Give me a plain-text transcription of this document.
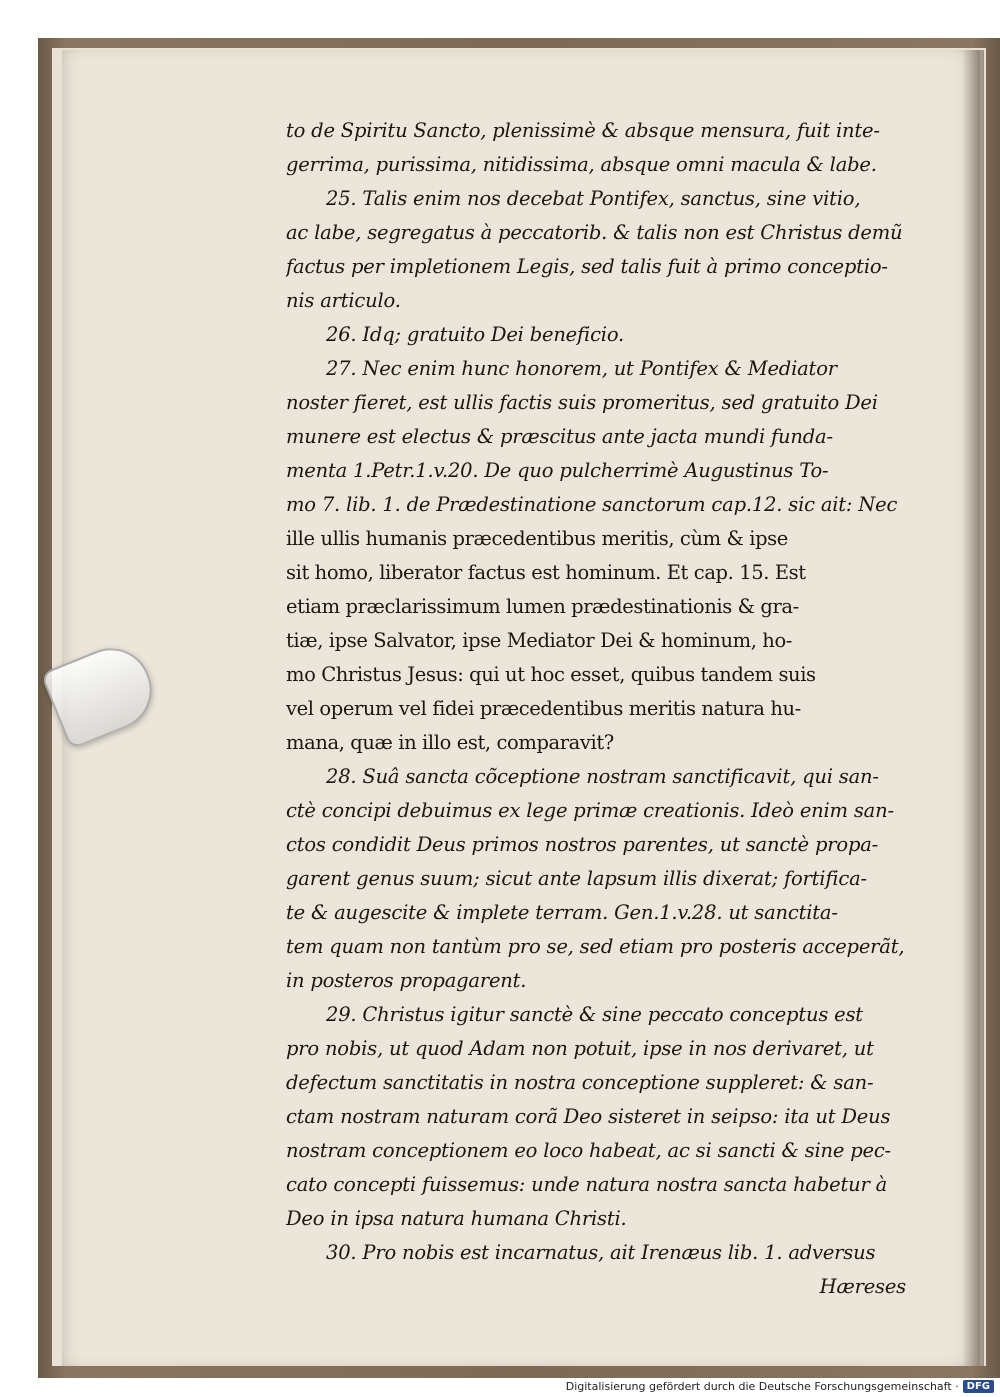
to de Spiritu Sancto, plenissimè & absque mensura, fuit inte-
gerrima, purissima, nitidissima, absque omni macula & labe.
25. Talis enim nos decebat Pontifex, sanctus, sine vitio,
ac labe, segregatus à peccatorib. & talis non est Christus demũ
factus per impletionem Legis, sed talis fuit à primo conceptio-
nis articulo.
26. Idq; gratuito Dei beneficio.
27. Nec enim hunc honorem, ut Pontifex & Mediator
noster fieret, est ullis factis suis promeritus, sed gratuito Dei
munere est electus & præscitus ante jacta mundi funda-
menta 1.Petr.1.v.20. De quo pulcherrimè Augustinus To-
mo 7. lib. 1. de Prædestinatione sanctorum cap.12. sic ait: Nec
ille ullis humanis præcedentibus meritis, cùm & ipse
sit homo, liberator factus est hominum. Et cap. 15. Est
etiam præclarissimum lumen prædestinationis & gra-
tiæ, ipse Salvator, ipse Mediator Dei & hominum, ho-
mo Christus Jesus: qui ut hoc esset, quibus tandem suis
vel operum vel fidei præcedentibus meritis natura hu-
mana, quæ in illo est, comparavit?
28. Suâ sancta cõceptione nostram sanctificavit, qui san-
ctè concipi debuimus ex lege primæ creationis. Ideò enim san-
ctos condidit Deus primos nostros parentes, ut sanctè propa-
garent genus suum; sicut ante lapsum illis dixerat; fortifica-
te & augescite & implete terram. Gen.1.v.28. ut sanctita-
tem quam non tantùm pro se, sed etiam pro posteris acceperãt,
in posteros propagarent.
29. Christus igitur sanctè & sine peccato conceptus est
pro nobis, ut quod Adam non potuit, ipse in nos derivaret, ut
defectum sanctitatis in nostra conceptione suppleret: & san-
ctam nostram naturam corã Deo sisteret in seipso: ita ut Deus
nostram conceptionem eo loco habeat, ac si sancti & sine pec-
cato concepti fuissemus: unde natura nostra sancta habetur à
Deo in ipsa natura humana Christi.
30. Pro nobis est incarnatus, ait Irenæus lib. 1. adversus
Hæreses
Digitalisierung gefördert durch die Deutsche Forschungsgemeinschaft · DFG
